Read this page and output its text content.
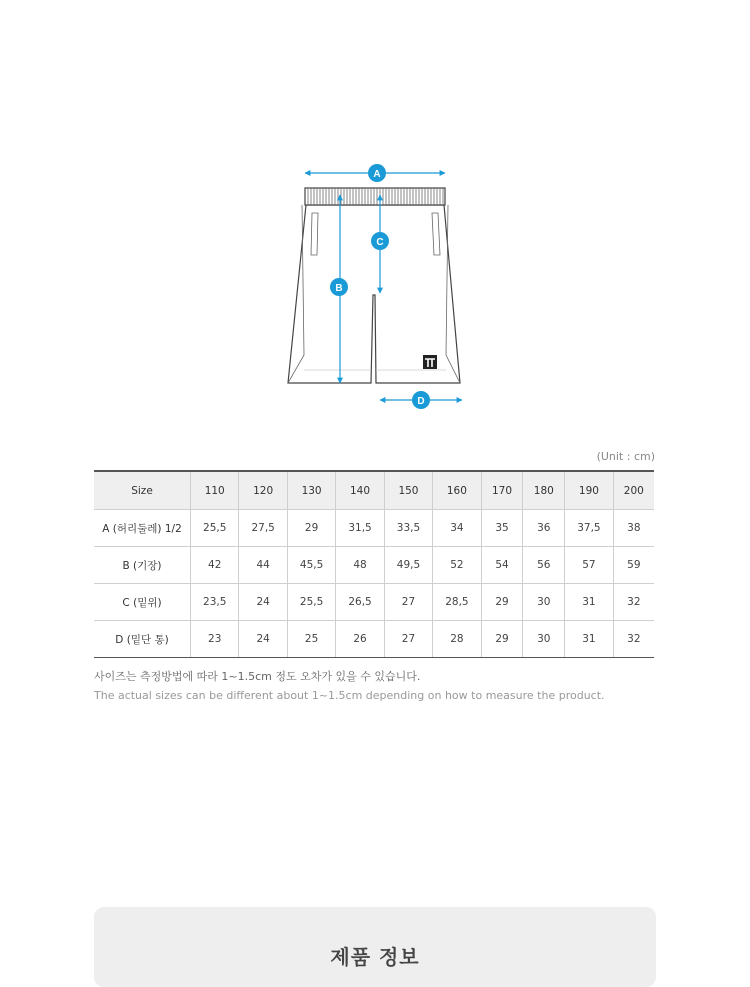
A
B
C
D
(Unit : cm)
Size	110	120	130	140	150	160	170	180	190	200
A (허리둘레) 1/2	25,5	27,5	29	31,5	33,5	34	35	36	37,5	38
B (기장)	42	44	45,5	48	49,5	52	54	56	57	59
C (밑위)	23,5	24	25,5	26,5	27	28,5	29	30	31	32
D (밑단 통)	23	24	25	26	27	28	29	30	31	32
사이즈는 측정방법에 따라 1~1.5cm 정도 오차가 있을 수 있습니다.
The actual sizes can be different about 1~1.5cm depending on how to measure the product.
제품 정보
